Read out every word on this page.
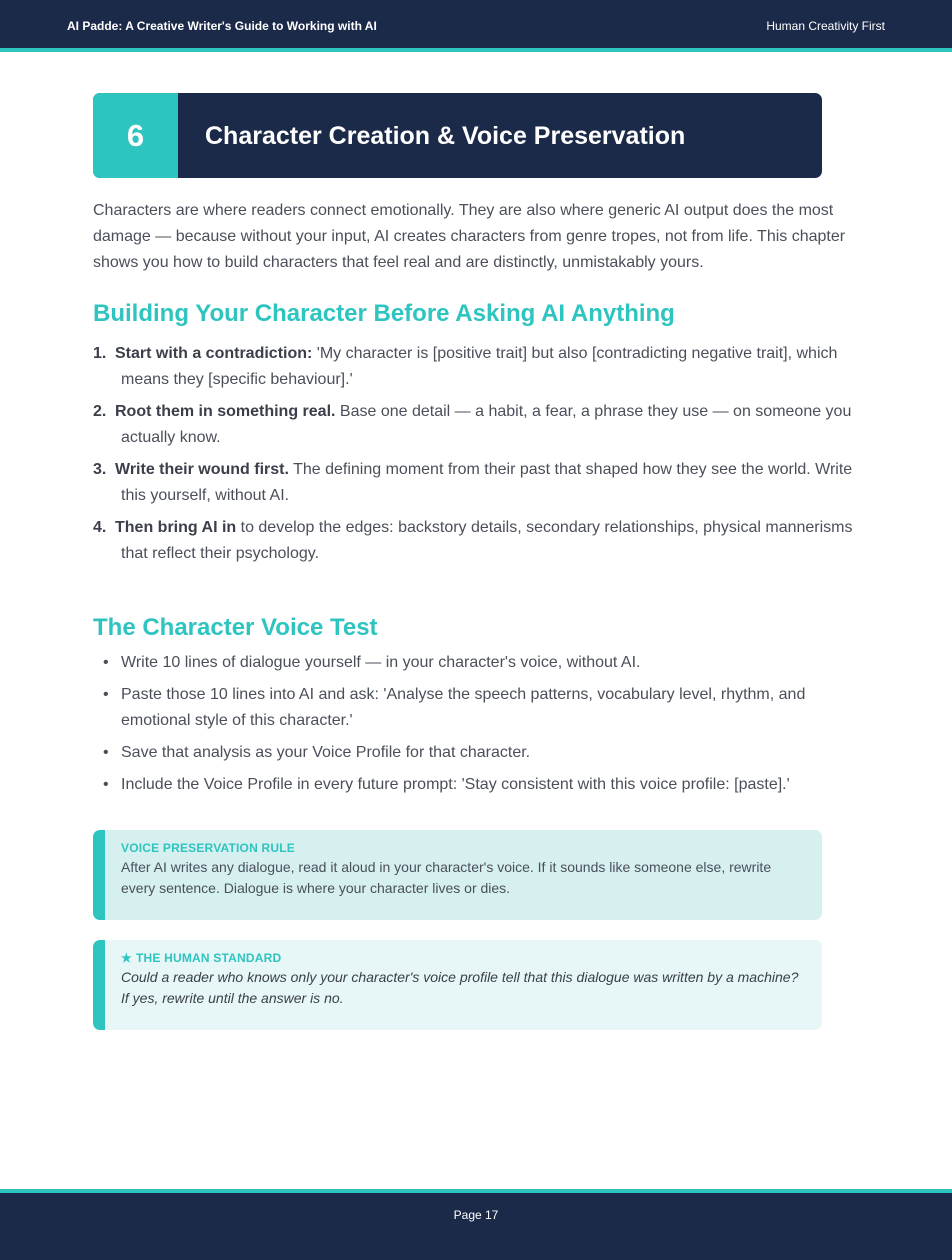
AI Padde: A Creative Writer's Guide to Working with AI	Human Creativity First
6	Character Creation & Voice Preservation

Characters are where readers connect emotionally. They are also where generic AI output does the most damage — because without your input, AI creates characters from genre tropes, not from life. This chapter shows you how to build characters that feel real and are distinctly, unmistakably yours.

Building Your Character Before Asking AI Anything
1. Start with a contradiction: 'My character is [positive trait] but also [contradicting negative trait], which means they [specific behaviour].'
2. Root them in something real. Base one detail — a habit, a fear, a phrase they use — on someone you actually know.
3. Write their wound first. The defining moment from their past that shaped how they see the world. Write this yourself, without AI.
4. Then bring AI in to develop the edges: backstory details, secondary relationships, physical mannerisms that reflect their psychology.
The Character Voice Test
• Write 10 lines of dialogue yourself — in your character's voice, without AI.
• Paste those 10 lines into AI and ask: 'Analyse the speech patterns, vocabulary level, rhythm, and emotional style of this character.'
• Save that analysis as your Voice Profile for that character.
• Include the Voice Profile in every future prompt: 'Stay consistent with this voice profile: [paste].'
VOICE PRESERVATION RULE
After AI writes any dialogue, read it aloud in your character's voice. If it sounds like someone else, rewrite every sentence. Dialogue is where your character lives or dies.
★ THE HUMAN STANDARD
Could a reader who knows only your character's voice profile tell that this dialogue was written by a machine? If yes, rewrite until the answer is no.
Page 17
